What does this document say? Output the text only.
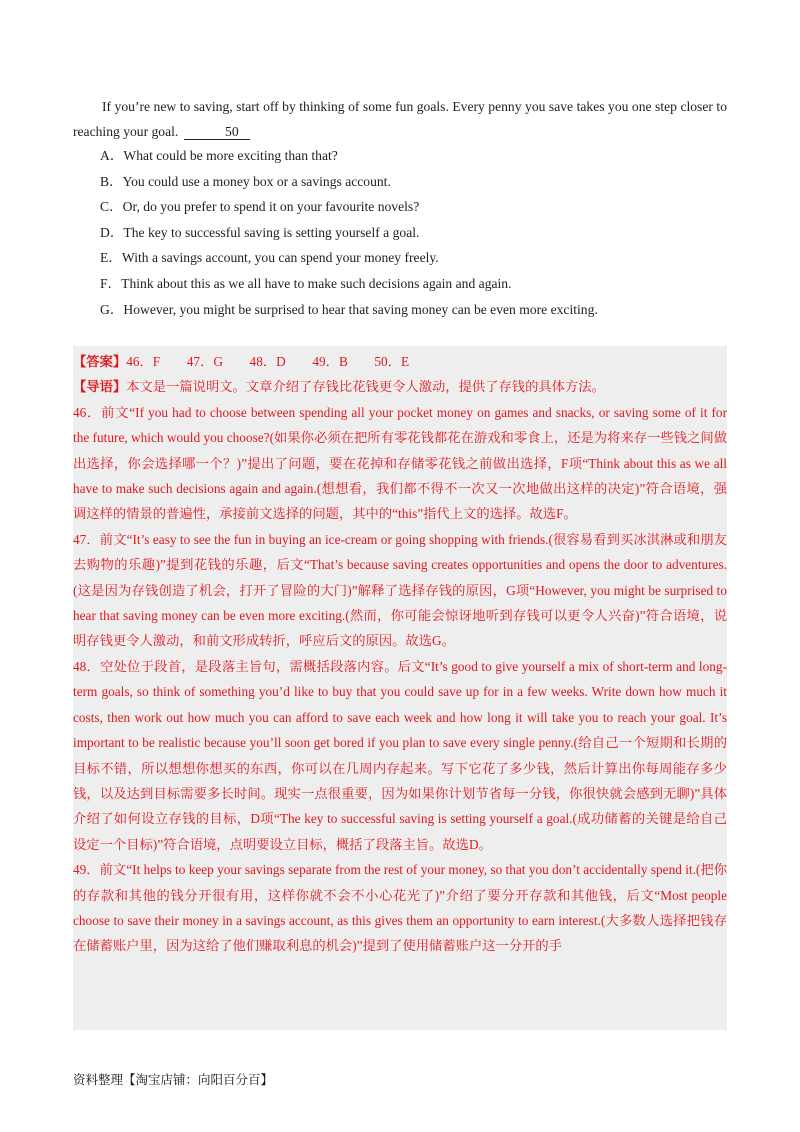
If you’re new to saving, start off by thinking of some fun goals. Every penny you save takes you one step closer to reaching your goal.	50

A．What could be more exciting than that?
B．You could use a money box or a savings account.
C．Or, do you prefer to spend it on your favourite novels?
D．The key to successful saving is setting yourself a goal.
E．With a savings account, you can spend your money freely.
F．Think about this as we all have to make such decisions again and again.
G．However, you might be surprised to hear that saving money can be even more exciting.

【答案】46．F　　47．G　　48．D　　49．B　　50．E

【导语】本文是一篇说明文。文章介绍了存钱比花钱更令人激动，提供了存钱的具体方法。

46．前文“If you had to choose between spending all your pocket money on games and snacks, or saving some of it for the future, which would you choose?(如果你必须在把所有零花钱都花在游戏和零食上，还是为将来存一些钱之间做出选择，你会选择哪一个？)”提出了问题，要在花掉和存储零花钱之前做出选择，F项“Think about this as we all have to make such decisions again and again.(想想看，我们都不得不一次又一次地做出这样的决定)”符合语境，强调这样的情景的普遍性，承接前文选择的问题，其中的“this”指代上文的选择。故选F。

47．前文“It’s easy to see the fun in buying an ice-cream or going shopping with friends.(很容易看到买冰淇淋或和朋友去购物的乐趣)”提到花钱的乐趣，后文“That’s because saving creates opportunities and opens the door to adventures.(这是因为存钱创造了机会，打开了冒险的大门)”解释了选择存钱的原因，G项“However, you might be surprised to hear that saving money can be even more exciting.(然而，你可能会惊讶地听到存钱可以更令人兴奋)”符合语境，说明存钱更令人激动，和前文形成转折，呼应后文的原因。故选G。

48．空处位于段首，是段落主旨句，需概括段落内容。后文“It’s good to give yourself a mix of short-term and long-term goals, so think of something you’d like to buy that you could save up for in a few weeks. Write down how much it costs, then work out how much you can afford to save each week and how long it will take you to reach your goal. It’s important to be realistic because you’ll soon get bored if you plan to save every single penny.(给自己一个短期和长期的目标不错，所以想想你想买的东西，你可以在几周内存起来。写下它花了多少钱，然后计算出你每周能存多少钱，以及达到目标需要多长时间。现实一点很重要，因为如果你计划节省每一分钱，你很快就会感到无聊)”具体介绍了如何设立存钱的目标，D项“The key to successful saving is setting yourself a goal.(成功储蓄的关键是给自己设定一个目标)”符合语境，点明要设立目标，概括了段落主旨。故选D。

49．前文“It helps to keep your savings separate from the rest of your money, so that you don’t accidentally spend it.(把你的存款和其他的钱分开很有用，这样你就不会不小心花光了)”介绍了要分开存款和其他钱，后文“Most people choose to save their money in a savings account, as this gives them an opportunity to earn interest.(大多数人选择把钱存在储蓄账户里，因为这给了他们赚取利息的机会)”提到了使用储蓄账户这一分开的手

资料整理【淘宝店铺：向阳百分百】
